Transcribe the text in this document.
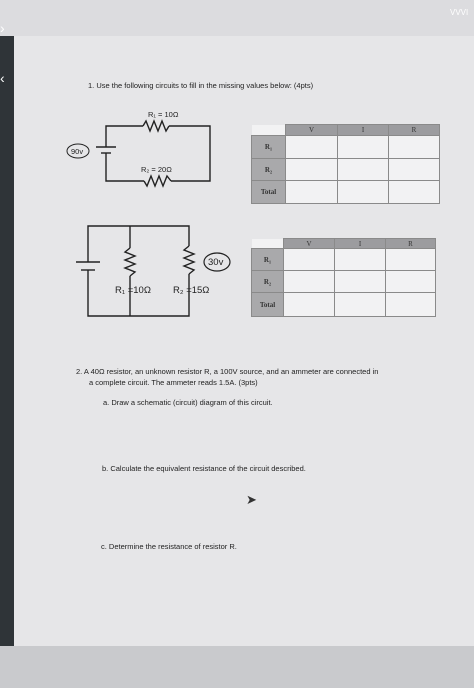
VVVI
›
‹	1. Use the following circuits to fill in the missing values below: (4pts)
R₁ = 10Ω
R₂ = 20Ω
90v
30v
R₁ =10Ω R₂ =15Ω
	V	I	R
R₁			
R₂			
Total			
	V	I	R
R₁			
R₂			
Total			
2. A 40Ω resistor, an unknown resistor R, a 100V source, and an ammeter are connected in
a complete circuit. The ammeter reads 1.5A. (3pts)
a. Draw a schematic (circuit) diagram of this circuit.
b. Calculate the equivalent resistance of the circuit described.
➤
c. Determine the resistance of resistor R.
